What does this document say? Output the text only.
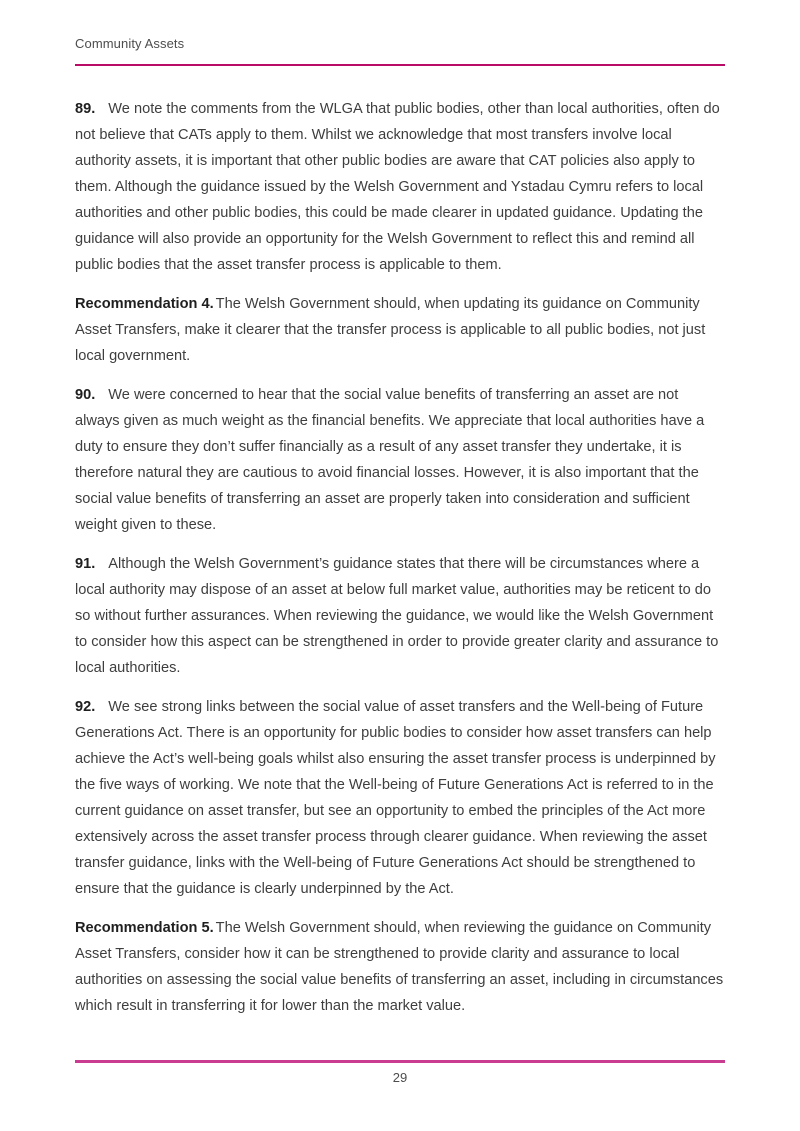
Community Assets

89. We note the comments from the WLGA that public bodies, other than local authorities, often do not believe that CATs apply to them. Whilst we acknowledge that most transfers involve local authority assets, it is important that other public bodies are aware that CAT policies also apply to them. Although the guidance issued by the Welsh Government and Ystadau Cymru refers to local authorities and other public bodies, this could be made clearer in updated guidance. Updating the guidance will also provide an opportunity for the Welsh Government to reflect this and remind all public bodies that the asset transfer process is applicable to them.

Recommendation 4. The Welsh Government should, when updating its guidance on Community Asset Transfers, make it clearer that the transfer process is applicable to all public bodies, not just local government.

90. We were concerned to hear that the social value benefits of transferring an asset are not always given as much weight as the financial benefits. We appreciate that local authorities have a duty to ensure they don’t suffer financially as a result of any asset transfer they undertake, it is therefore natural they are cautious to avoid financial losses. However, it is also important that the social value benefits of transferring an asset are properly taken into consideration and sufficient weight given to these.

91. Although the Welsh Government’s guidance states that there will be circumstances where a local authority may dispose of an asset at below full market value, authorities may be reticent to do so without further assurances. When reviewing the guidance, we would like the Welsh Government to consider how this aspect can be strengthened in order to provide greater clarity and assurance to local authorities.

92. We see strong links between the social value of asset transfers and the Well-being of Future Generations Act. There is an opportunity for public bodies to consider how asset transfers can help achieve the Act’s well-being goals whilst also ensuring the asset transfer process is underpinned by the five ways of working. We note that the Well-being of Future Generations Act is referred to in the current guidance on asset transfer, but see an opportunity to embed the principles of the Act more extensively across the asset transfer process through clearer guidance. When reviewing the asset transfer guidance, links with the Well-being of Future Generations Act should be strengthened to ensure that the guidance is clearly underpinned by the Act.

Recommendation 5. The Welsh Government should, when reviewing the guidance on Community Asset Transfers, consider how it can be strengthened to provide clarity and assurance to local authorities on assessing the social value benefits of transferring an asset, including in circumstances which result in transferring it for lower than the market value.

29
